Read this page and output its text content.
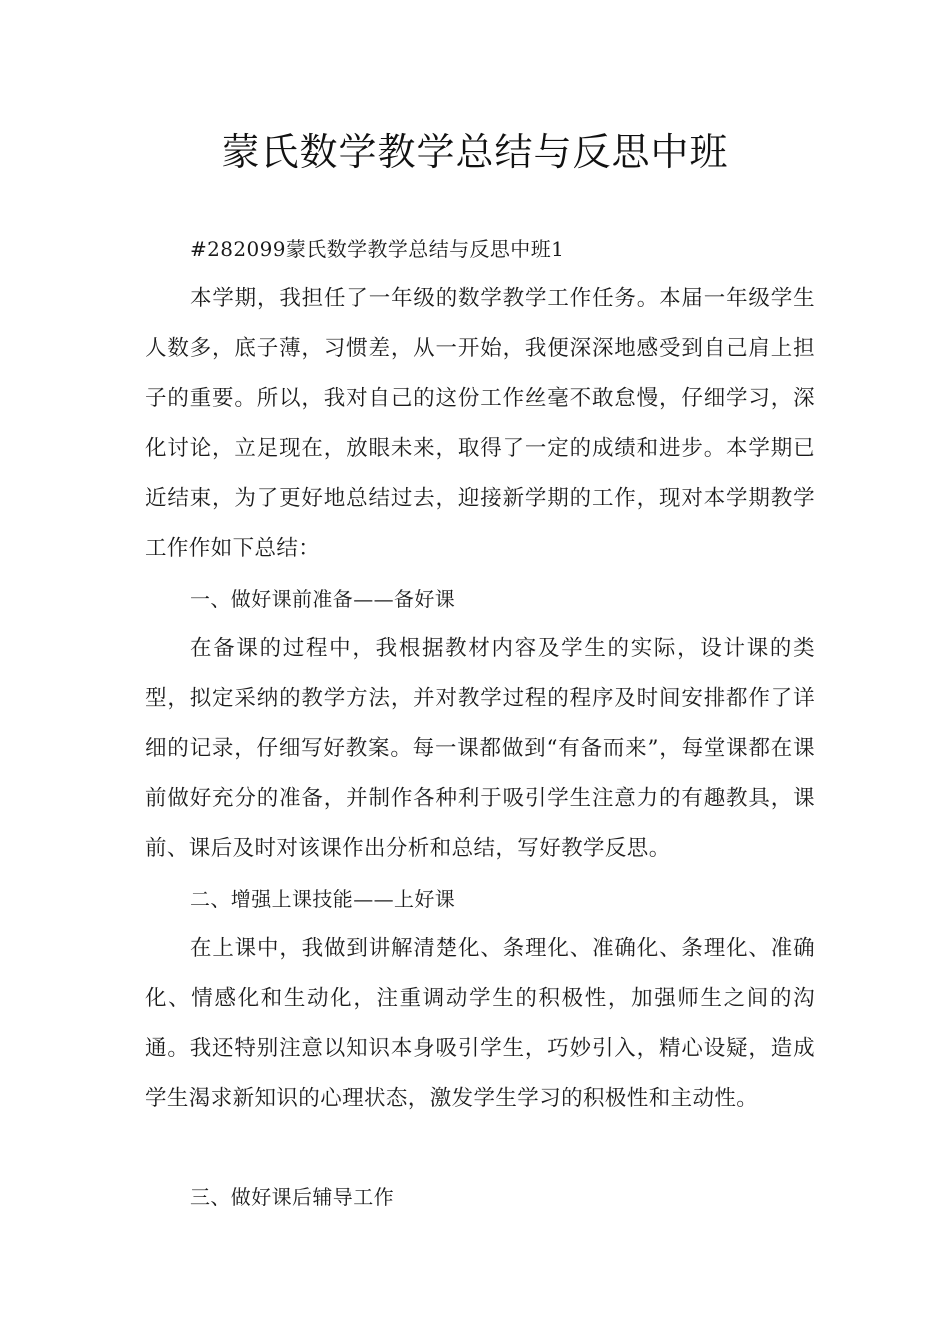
蒙氏数学教学总结与反思中班

#282099蒙氏数学教学总结与反思中班1

本学期，我担任了一年级的数学教学工作任务。本届一年级学生人数多，底子薄，习惯差，从一开始，我便深深地感受到自己肩上担子的重要。所以，我对自己的这份工作丝毫不敢怠慢，仔细学习，深化讨论，立足现在，放眼未来，取得了一定的成绩和进步。本学期已近结束，为了更好地总结过去，迎接新学期的工作，现对本学期教学工作作如下总结：

一、做好课前准备——备好课

在备课的过程中，我根据教材内容及学生的实际，设计课的类型，拟定采纳的教学方法，并对教学过程的程序及时间安排都作了详细的记录，仔细写好教案。每一课都做到“有备而来”，每堂课都在课前做好充分的准备，并制作各种利于吸引学生注意力的有趣教具，课前、课后及时对该课作出分析和总结，写好教学反思。

二、增强上课技能——上好课

在上课中，我做到讲解清楚化、条理化、准确化、条理化、准确化、情感化和生动化，注重调动学生的积极性，加强师生之间的沟通。我还特别注意以知识本身吸引学生，巧妙引入，精心设疑，造成学生渴求新知识的心理状态，激发学生学习的积极性和主动性。

三、做好课后辅导工作
